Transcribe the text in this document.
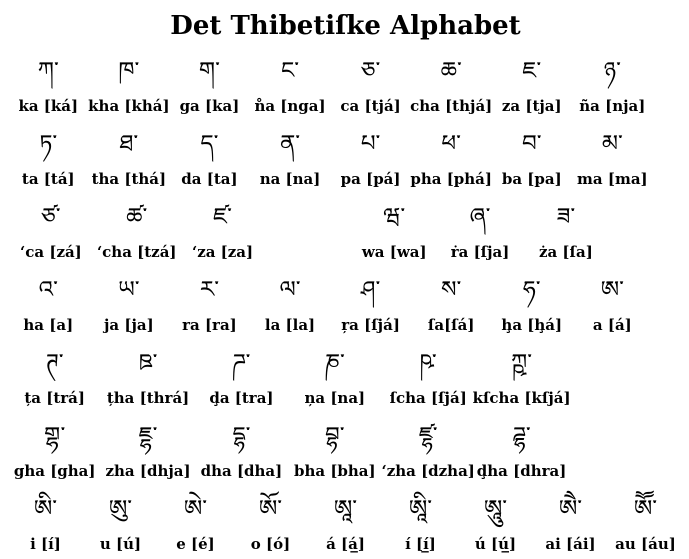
Det Thibetiſke Alphabet
ཀ་
ka [ká]
ཁ་
kha [khá]
ག་
ga [ka]
ང་
n̊a [nga]
ཅ་
ca [tjá]
ཆ་
cha [thjá]
ཇ་
za [tja]
ཉ་
ña [nja]
ཏ་
ta [tá]
ཐ་
tha [thá]
ད་
da [ta]
ན་
na [na]
པ་
pa [pá]
ཕ་
pha [phá]
བ་
ba [pa]
མ་
ma [ma]
ཙ་
ʻca [zá]
ཚ་
ʻcha [tzá]
ཛ་
ʻza [za]
ཝ་
wa [wa]
ཞ་
ṙa [ſja]
ཟ་
ża [ſa]
འ་
ha [a]
ཡ་
ja [ja]
ར་
ra [ra]
ལ་
la [la]
ཤ་
ŗa [ſjá]
ས་
ſa[ſá]
ཧ་
ḩa [ḩá]
ཨ་
a [á]
ཊ་
ța [trá]
ཋ་
țha [thrá]
ཌ་
ḑa [tra]
ཎ་
ņa [na]
ཥ་
ſcha [ſjá]
ཀྵ་
kſcha [kſjá]
གྷ་
gha [gha]
ཇྷ་
zha [dhja]
དྷ་
dha [dha]
བྷ་
bha [bha]
ཛྷ་
ʻzha [dzha]
ཌྷ་
ḑha [dhra]
ཨི་
i [í]
ཨུ་
u [ú]
ཨེ་
e [é]
ཨོ་
o [ó]
ཨཱ་
á [á̲]
ཨཱི་
í [í̲]
ཨཱུ་
ú [ú̲]
ཨཻ་
ai [ái]
ཨཽ་
au [áu]
